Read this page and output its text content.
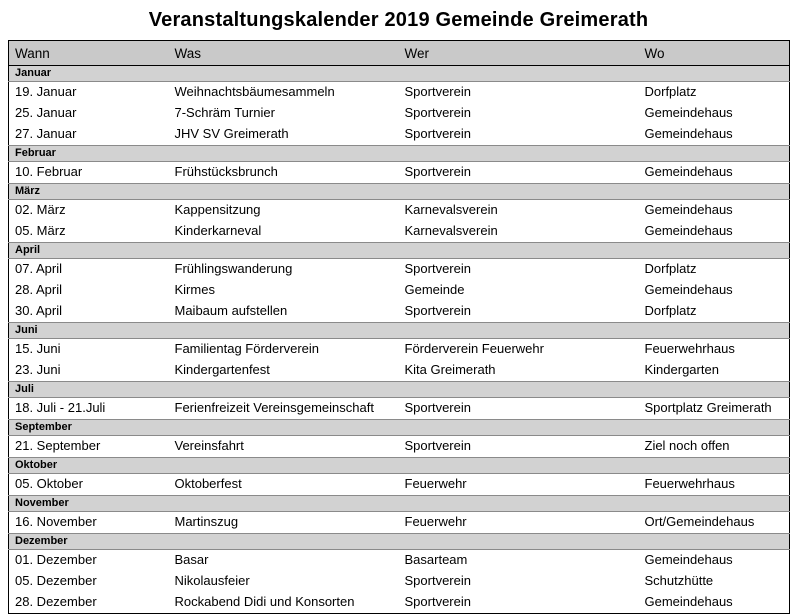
Veranstaltungskalender 2019 Gemeinde Greimerath
Wann	Was	Wer	Wo
Januar			
19. Januar	Weihnachtsbäumesammeln	Sportverein	Dorfplatz
25. Januar	7-Schräm Turnier	Sportverein	Gemeindehaus
27. Januar	JHV SV Greimerath	Sportverein	Gemeindehaus
Februar			
10. Februar	Frühstücksbrunch	Sportverein	Gemeindehaus
März			
02. März	Kappensitzung	Karnevalsverein	Gemeindehaus
05. März	Kinderkarneval	Karnevalsverein	Gemeindehaus
April			
07. April	Frühlingswanderung	Sportverein	Dorfplatz
28. April	Kirmes	Gemeinde	Gemeindehaus
30. April	Maibaum aufstellen	Sportverein	Dorfplatz
Juni			
15. Juni	Familientag Förderverein	Förderverein Feuerwehr	Feuerwehrhaus
23. Juni	Kindergartenfest	Kita Greimerath	Kindergarten
Juli			
18. Juli - 21.Juli	Ferienfreizeit Vereinsgemeinschaft	Sportverein	Sportplatz Greimerath
September			
21. September	Vereinsfahrt	Sportverein	Ziel noch offen
Oktober			
05. Oktober	Oktoberfest	Feuerwehr	Feuerwehrhaus
November			
16. November	Martinszug	Feuerwehr	Ort/Gemeindehaus
Dezember			
01. Dezember	Basar	Basarteam	Gemeindehaus
05. Dezember	Nikolausfeier	Sportverein	Schutzhütte
28. Dezember	Rockabend Didi und Konsorten	Sportverein	Gemeindehaus
